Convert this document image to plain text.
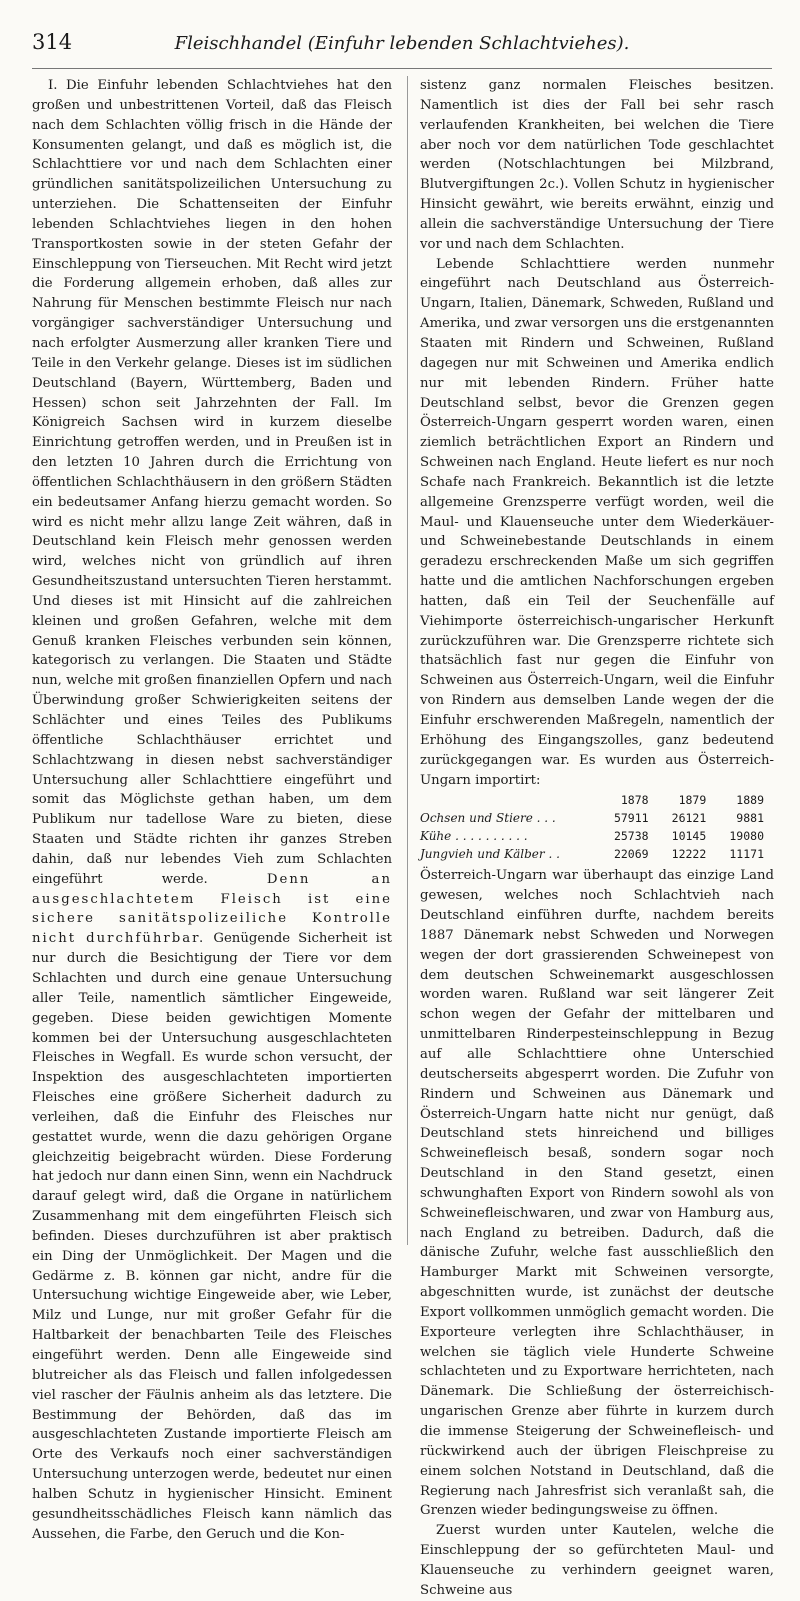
314	Fleischhandel (Einfuhr lebenden Schlachtviehes).

I. Die Einfuhr lebenden Schlachtviehes hat den großen und unbestrittenen Vorteil, daß das Fleisch nach dem Schlachten völlig frisch in die Hände der Konsumenten gelangt, und daß es möglich ist, die Schlachttiere vor und nach dem Schlachten einer gründlichen sanitätspolizeilichen Untersuchung zu unterziehen. Die Schattenseiten der Einfuhr lebenden Schlachtviehes liegen in den hohen Transportkosten sowie in der steten Gefahr der Einschleppung von Tierseuchen. Mit Recht wird jetzt die Forderung allgemein erhoben, daß alles zur Nahrung für Menschen bestimmte Fleisch nur nach vorgängiger sachverständiger Untersuchung und nach erfolgter Ausmerzung aller kranken Tiere und Teile in den Verkehr gelange. Dieses ist im südlichen Deutschland (Bayern, Württemberg, Baden und Hessen) schon seit Jahrzehnten der Fall. Im Königreich Sachsen wird in kurzem dieselbe Einrichtung getroffen werden, und in Preußen ist in den letzten 10 Jahren durch die Errichtung von öffentlichen Schlachthäusern in den größern Städten ein bedeutsamer Anfang hierzu gemacht worden. So wird es nicht mehr allzu lange Zeit währen, daß in Deutschland kein Fleisch mehr genossen werden wird, welches nicht von gründlich auf ihren Gesundheitszustand untersuchten Tieren herstammt. Und dieses ist mit Hinsicht auf die zahlreichen kleinen und großen Gefahren, welche mit dem Genuß kranken Fleisches verbunden sein können, kategorisch zu verlangen. Die Staaten und Städte nun, welche mit großen finanziellen Opfern und nach Überwindung großer Schwierigkeiten seitens der Schlächter und eines Teiles des Publikums öffentliche Schlachthäuser errichtet und Schlachtzwang in diesen nebst sachverständiger Untersuchung aller Schlachttiere eingeführt und somit das Möglichste gethan haben, um dem Publikum nur tadellose Ware zu bieten, diese Staaten und Städte richten ihr ganzes Streben dahin, daß nur lebendes Vieh zum Schlachten eingeführt werde.	Denn an ausgeschlachtetem Fleisch ist eine sichere sanitätspolizeiliche Kontrolle nicht durchführbar. Genügende Sicherheit ist nur durch die Besichtigung der Tiere vor dem Schlachten und durch eine genaue Untersuchung aller Teile, namentlich sämtlicher Eingeweide, gegeben. Diese beiden gewichtigen Momente kommen bei der Untersuchung ausgeschlachteten Fleisches in Wegfall. Es wurde schon versucht, der Inspektion des ausgeschlachteten importierten Fleisches eine größere Sicherheit dadurch zu verleihen, daß die Einfuhr des Fleisches nur gestattet wurde, wenn die dazu gehörigen Organe gleichzeitig beigebracht würden. Diese Forderung hat jedoch nur dann einen Sinn, wenn ein Nachdruck darauf gelegt wird, daß die Organe in natürlichem Zusammenhang mit dem eingeführten Fleisch sich befinden. Dieses durchzuführen ist aber praktisch ein Ding der Unmöglichkeit. Der Magen und die Gedärme z. B. können gar nicht, andre für die Untersuchung wichtige Eingeweide aber, wie Leber, Milz und Lunge, nur mit großer Gefahr für die Haltbarkeit der benachbarten Teile des Fleisches eingeführt werden. Denn alle Eingeweide sind blutreicher als das Fleisch und fallen infolgedessen viel rascher der Fäulnis anheim als das letztere. Die Bestimmung der Behörden, daß das im ausgeschlachteten Zustande importierte Fleisch am Orte des Verkaufs noch einer sachverständigen Untersuchung unterzogen werde, bedeutet nur einen halben Schutz in hygienischer Hinsicht. Eminent gesundheitsschädliches Fleisch kann nämlich das Aussehen, die Farbe, den Geruch und die Kon-

sistenz ganz normalen Fleisches besitzen. Namentlich ist dies der Fall bei sehr rasch verlaufenden Krankheiten, bei welchen die Tiere aber noch vor dem natürlichen Tode geschlachtet werden (Notschlachtungen bei Milzbrand, Blutvergiftungen 2c.). Vollen Schutz in hygienischer Hinsicht gewährt, wie bereits erwähnt, einzig und allein die sachverständige Untersuchung der Tiere vor und nach dem Schlachten.

Lebende Schlachttiere werden nunmehr eingeführt nach Deutschland aus Österreich-Ungarn, Italien, Dänemark, Schweden, Rußland und Amerika, und zwar versorgen uns die erstgenannten Staaten mit Rindern und Schweinen, Rußland dagegen nur mit Schweinen und Amerika endlich nur mit lebenden Rindern. Früher hatte Deutschland selbst, bevor die Grenzen gegen Österreich-Ungarn gesperrt worden waren, einen ziemlich beträchtlichen Export an Rindern und Schweinen nach England. Heute liefert es nur noch Schafe nach Frankreich. Bekanntlich ist die letzte allgemeine Grenzsperre verfügt worden, weil die Maul- und Klauenseuche unter dem Wiederkäuer- und Schweinebestande Deutschlands in einem geradezu erschreckenden Maße um sich gegriffen hatte und die amtlichen Nachforschungen ergeben hatten, daß ein Teil der Seuchenfälle auf Viehimporte österreichisch-ungarischer Herkunft zurückzuführen war. Die Grenzsperre richtete sich thatsächlich fast nur gegen die Einfuhr von Schweinen aus Österreich-Ungarn, weil die Einfuhr von Rindern aus demselben Lande wegen der die Einfuhr erschwerenden Maßregeln, namentlich der Erhöhung des Eingangszolles, ganz bedeutend zurückgegangen war. Es wurden aus Österreich-Ungarn importirt:

	1878	1879	1889
Ochsen und Stiere . . .	57911	26121	9881
Kühe . . . . . . . . . .	25738	10145	19080
Jungvieh und Kälber . .	22069	12222	11171

Österreich-Ungarn war überhaupt das einzige Land gewesen, welches noch Schlachtvieh nach Deutschland einführen durfte, nachdem bereits 1887 Dänemark nebst Schweden und Norwegen wegen der dort grassierenden Schweinepest von dem deutschen Schweinemarkt ausgeschlossen worden waren. Rußland war seit längerer Zeit schon wegen der Gefahr der mittelbaren und unmittelbaren Rinderpesteinschleppung in Bezug auf alle Schlachttiere ohne Unterschied deutscherseits abgesperrt worden. Die Zufuhr von Rindern und Schweinen aus Dänemark und Österreich-Ungarn hatte nicht nur genügt, daß Deutschland stets hinreichend und billiges Schweinefleisch besaß, sondern sogar noch Deutschland in den Stand gesetzt, einen schwunghaften Export von Rindern sowohl als von Schweinefleischwaren, und zwar von Hamburg aus, nach England zu betreiben. Dadurch, daß die dänische Zufuhr, welche fast ausschließlich den Hamburger Markt mit Schweinen versorgte, abgeschnitten wurde, ist zunächst der deutsche Export vollkommen unmöglich gemacht worden. Die Exporteure verlegten ihre Schlachthäuser, in welchen sie täglich viele Hunderte Schweine schlachteten und zu Exportware herrichteten, nach Dänemark. Die Schließung der österreichisch-ungarischen Grenze aber führte in kurzem durch die immense Steigerung der Schweinefleisch- und rückwirkend auch der übrigen Fleischpreise zu einem solchen Notstand in Deutschland, daß die Regierung nach Jahresfrist sich veranlaßt sah, die Grenzen wieder bedingungsweise zu öffnen.

Zuerst wurden unter Kautelen, welche die Einschleppung der so gefürchteten Maul- und Klauenseuche zu verhindern geeignet waren, Schweine aus
